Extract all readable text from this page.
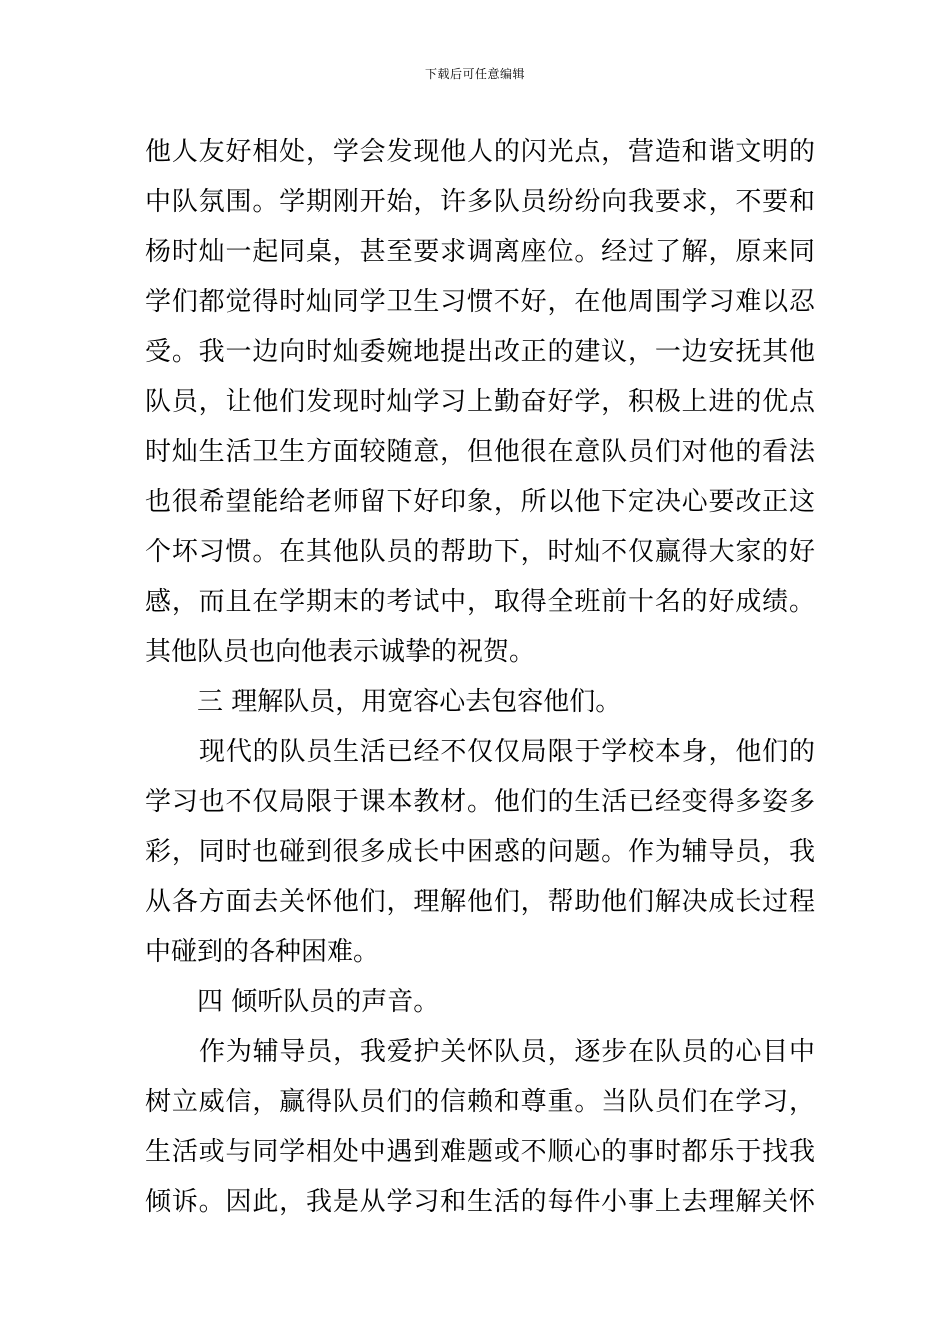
下载后可任意编辑
他人友好相处，学会发现他人的闪光点，营造和谐文明的
中队氛围。学期刚开始，许多队员纷纷向我要求，不要和
杨时灿一起同桌，甚至要求调离座位。经过了解，原来同
学们都觉得时灿同学卫生习惯不好，在他周围学习难以忍
受。我一边向时灿委婉地提出改正的建议，一边安抚其他
队员，让他们发现时灿学习上勤奋好学，积极上进的优点
时灿生活卫生方面较随意，但他很在意队员们对他的看法
也很希望能给老师留下好印象，所以他下定决心要改正这
个坏习惯。在其他队员的帮助下，时灿不仅赢得大家的好
感，而且在学期末的考试中，取得全班前十名的好成绩。
其他队员也向他表示诚挚的祝贺。
三 理解队员，用宽容心去包容他们。
现代的队员生活已经不仅仅局限于学校本身，他们的
学习也不仅局限于课本教材。他们的生活已经变得多姿多
彩，同时也碰到很多成长中困惑的问题。作为辅导员，我
从各方面去关怀他们，理解他们，帮助他们解决成长过程
中碰到的各种困难。
四 倾听队员的声音。
作为辅导员，我爱护关怀队员，逐步在队员的心目中
树立威信，赢得队员们的信赖和尊重。当队员们在学习，
生活或与同学相处中遇到难题或不顺心的事时都乐于找我
倾诉。因此，我是从学习和生活的每件小事上去理解关怀
